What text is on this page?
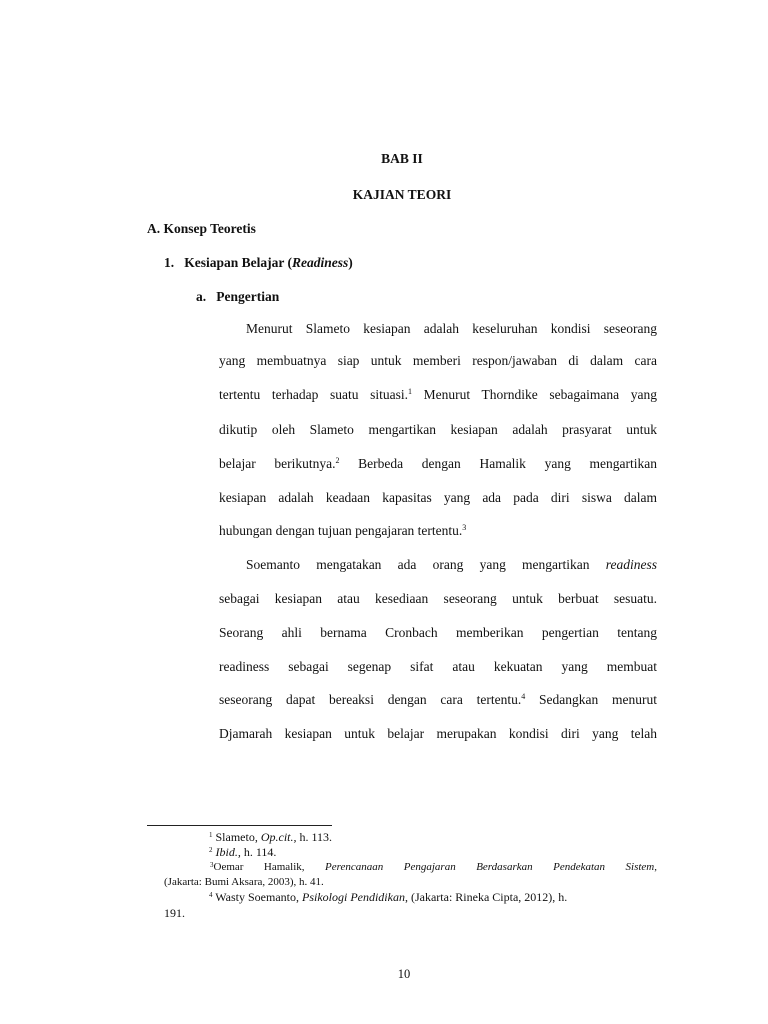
BAB II
KAJIAN TEORI
A. Konsep Teoretis
1. Kesiapan Belajar (Readiness)
a. Pengertian
Menurut Slameto kesiapan adalah keseluruhan kondisi seseorang
yang membuatnya siap untuk memberi respon/jawaban di dalam cara
tertentu terhadap suatu situasi.$^1$ Menurut Thorndike sebagaimana yang
dikutip oleh Slameto mengartikan kesiapan adalah prasyarat untuk
belajar berikutnya.$^2$ Berbeda dengan Hamalik yang mengartikan
kesiapan adalah keadaan kapasitas yang ada pada diri siswa dalam
hubungan dengan tujuan pengajaran tertentu.$^3$
Soemanto mengatakan ada orang yang mengartikan readiness
sebagai kesiapan atau kesediaan seseorang untuk berbuat sesuatu.
Seorang ahli bernama Cronbach memberikan pengertian tentang
readiness sebagai segenap sifat atau kekuatan yang membuat
seseorang dapat bereaksi dengan cara tertentu.$^4$ Sedangkan menurut
Djamarah kesiapan untuk belajar merupakan kondisi diri yang telah
$^1$ Slameto, Op.cit., h. 113.
$^2$ Ibid., h. 114.
$^3$Oemar Hamalik, Perencanaan Pengajaran Berdasarkan Pendekatan Sistem,
(Jakarta: Bumi Aksara, 2003), h. 41.
$^4$ Wasty Soemanto, Psikologi Pendidikan, (Jakarta: Rineka Cipta, 2012), h.
191.
10
